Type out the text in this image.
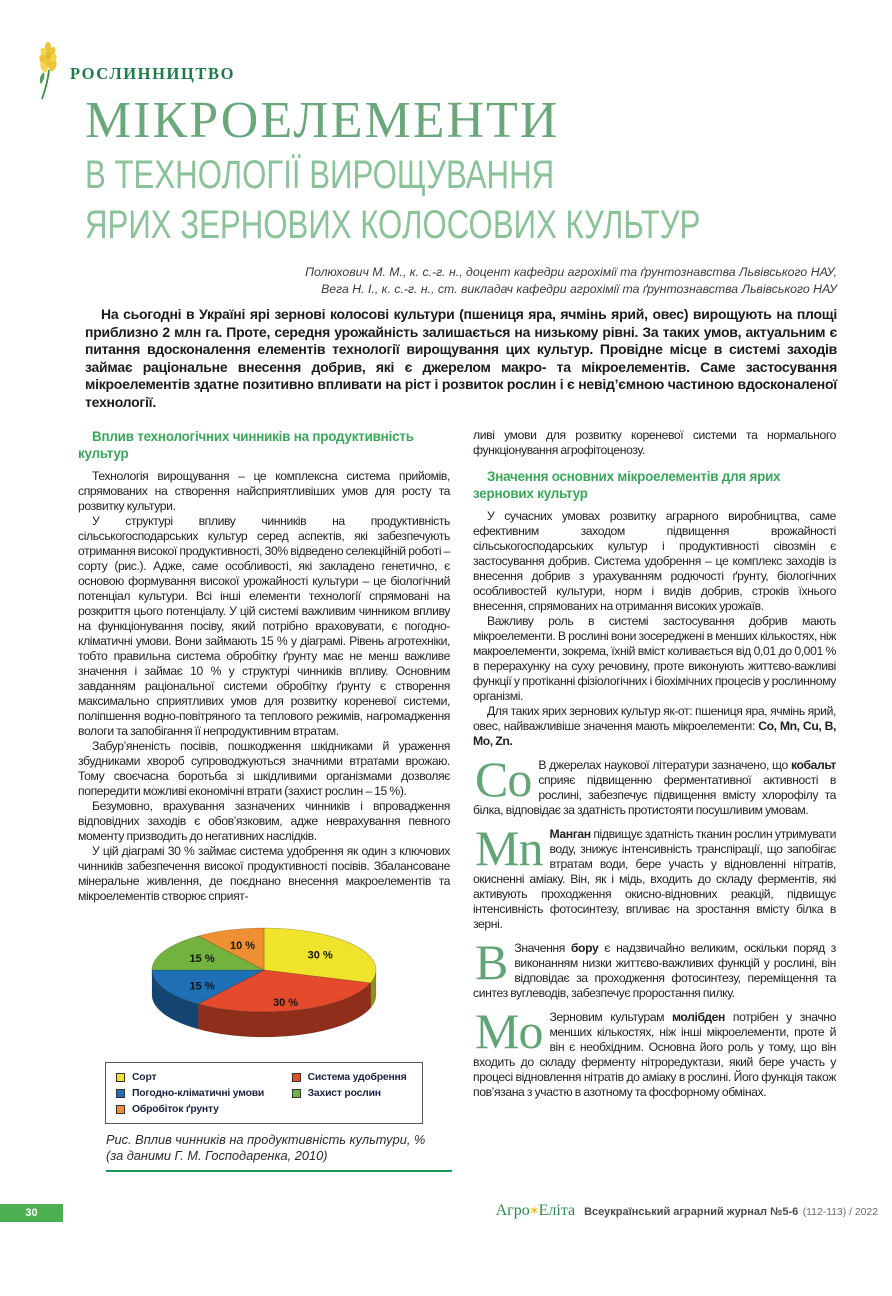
РОСЛИННИЦТВО
МІКРОЕЛЕМЕНТИ
В ТЕХНОЛОГІЇ ВИРОЩУВАННЯ
ЯРИХ ЗЕРНОВИХ КОЛОСОВИХ КУЛЬТУР
Полюхович М. М., к. с.-г. н., доцент кафедри агрохімії та ґрунтознавства Львівського НАУ,
Вега Н. І., к. с.-г. н., ст. викладач кафедри агрохімії та ґрунтознавства Львівського НАУ

На сьогодні в Україні ярі зернові колосові культури (пшениця яра, ячмінь ярий, овес) вирощують на площі приблизно 2 млн га. Проте, середня урожайність залишається на низькому рівні. За таких умов, актуальним є питання вдосконалення елементів технології вирощування цих культур. Провідне місце в системі заходів займає раціональне внесення добрив, які є джерелом макро- та мікроелементів. Саме застосування мікроелементів здатне позитивно впливати на ріст і розвиток рослин і є невід’ємною частиною вдосконаленої технології.

Вплив технологічних чинників на продуктивність культур

Технологія вирощування – це комплексна система прийомів, спрямованих на створення найсприятливіших умов для росту та розвитку культури.

У структурі впливу чинників на продуктивність сільськогосподарських культур серед аспектів, які забезпечують отримання високої продуктивності, 30% відведено селекційній роботі – сорту (рис.). Адже, саме особливості, які закладено генетично, є основою формування високої урожайності культури – це біологічний потенціал культури. Всі інші елементи технології спрямовані на розкриття цього потенціалу. У цій системі важливим чинником впливу на функціонування посіву, який потрібно враховувати, є погодно-кліматичні умови. Вони займають 15 % у діаграмі. Рівень агротехніки, тобто правильна система обробітку ґрунту має не менш важливе значення і займає 10 % у структурі чинників впливу. Основним завданням раціональної системи обробітку ґрунту є створення максимально сприятливих умов для розвитку кореневої системи, поліпшення водно-повітряного та теплового режимів, нагромадження вологи та запобігання її непродуктивним втратам.

Забур’яненість посівів, пошкодження шкідниками й ураження збудниками хвороб супроводжуються значними втратами врожаю. Тому своєчасна боротьба зі шкідливими організмами дозволяє попередити можливі економічні втрати (захист рослин – 15 %).

Безумовно, врахування зазначених чинників і впровадження відповідних заходів є обов’язковим, адже неврахування певного моменту призводить до негативних наслідків.

У цій діаграмі 30 % займає система удобрення як один з ключових чинників забезпечення високої продуктивності посівів. Збалансоване мінеральне живлення, де поєднано внесення макроелементів та мікроелементів створює сприят-

30 %
30 %
15 %
15 %
10 %
Сорт
Погодно-кліматичні умови
Обробіток ґрунту
Система удобрення
Захист рослин
Рис. Вплив чинників на продуктивність культури, %
(за даними Г. М. Господаренка, 2010)

ливі умови для розвитку кореневої системи та нормального функціонування агрофітоценозу.

Значення основних мікроелементів для ярих зернових культур

У сучасних умовах розвитку аграрного виробництва, саме ефективним заходом підвищення врожайності сільськогосподарських культур і продуктивності сівозмін є застосування добрив. Система удобрення – це комплекс заходів із внесення добрив з урахуванням родючості ґрунту, біологічних особливостей культури, норм і видів добрив, строків їхнього внесення, спрямованих на отримання високих урожаїв.

Важливу роль в системі застосування добрив мають мікроелементи. В рослині вони зосереджені в менших кількостях, ніж макроелементи, зокрема, їхній вміст коливається від 0,01 до 0,001 % в перерахунку на суху речовину, проте виконують життєво-важливі функції у протіканні фізіологічних і біохімічних процесів у рослинному організмі.

Для таких ярих зернових культур як-от: пшениця яра, ячмінь ярий, овес, найважливіше значення мають мікроелементи: Co, Mn, Cu, B, Mo, Zn.

Co В джерелах наукової літератури зазначено, що кобальт сприяє підвищенню ферментативної активності в рослині, забезпечує підвищення вмісту хлорофілу та білка, відповідає за здатність протистояти посушливим умовам.

Mn Манган підвищує здатність тканин рослин утримувати воду, знижує інтенсивність транспірації, що запобігає втратам води, бере участь у відновленні нітратів, окисненні аміаку. Він, як і мідь, входить до складу ферментів, які активують проходження окисно-відновних реакцій, підвищує інтенсивність фотосинтезу, впливає на зростання вмісту білка в зерні.

B Значення бору є надзвичайно великим, оскільки поряд з виконанням низки життєво-важливих функцій у рослині, він відповідає за проходження фотосинтезу, переміщення та синтез вуглеводів, забезпечує проростання пилку.

Mo Зерновим культурам молібден потрібен у значно менших кількостях, ніж інші мікроелементи, проте й він є необхідним. Основна його роль у тому, що він входить до складу ферменту нітроредуктази, який бере участь у процесі відновлення нітратів до аміаку в рослині. Його функція також пов’язана з участю в азотному та фосфорному обмінах.

30	Агро✶Еліта Всеукраїнський аграрний журнал №5-6 (112-113) / 2022
